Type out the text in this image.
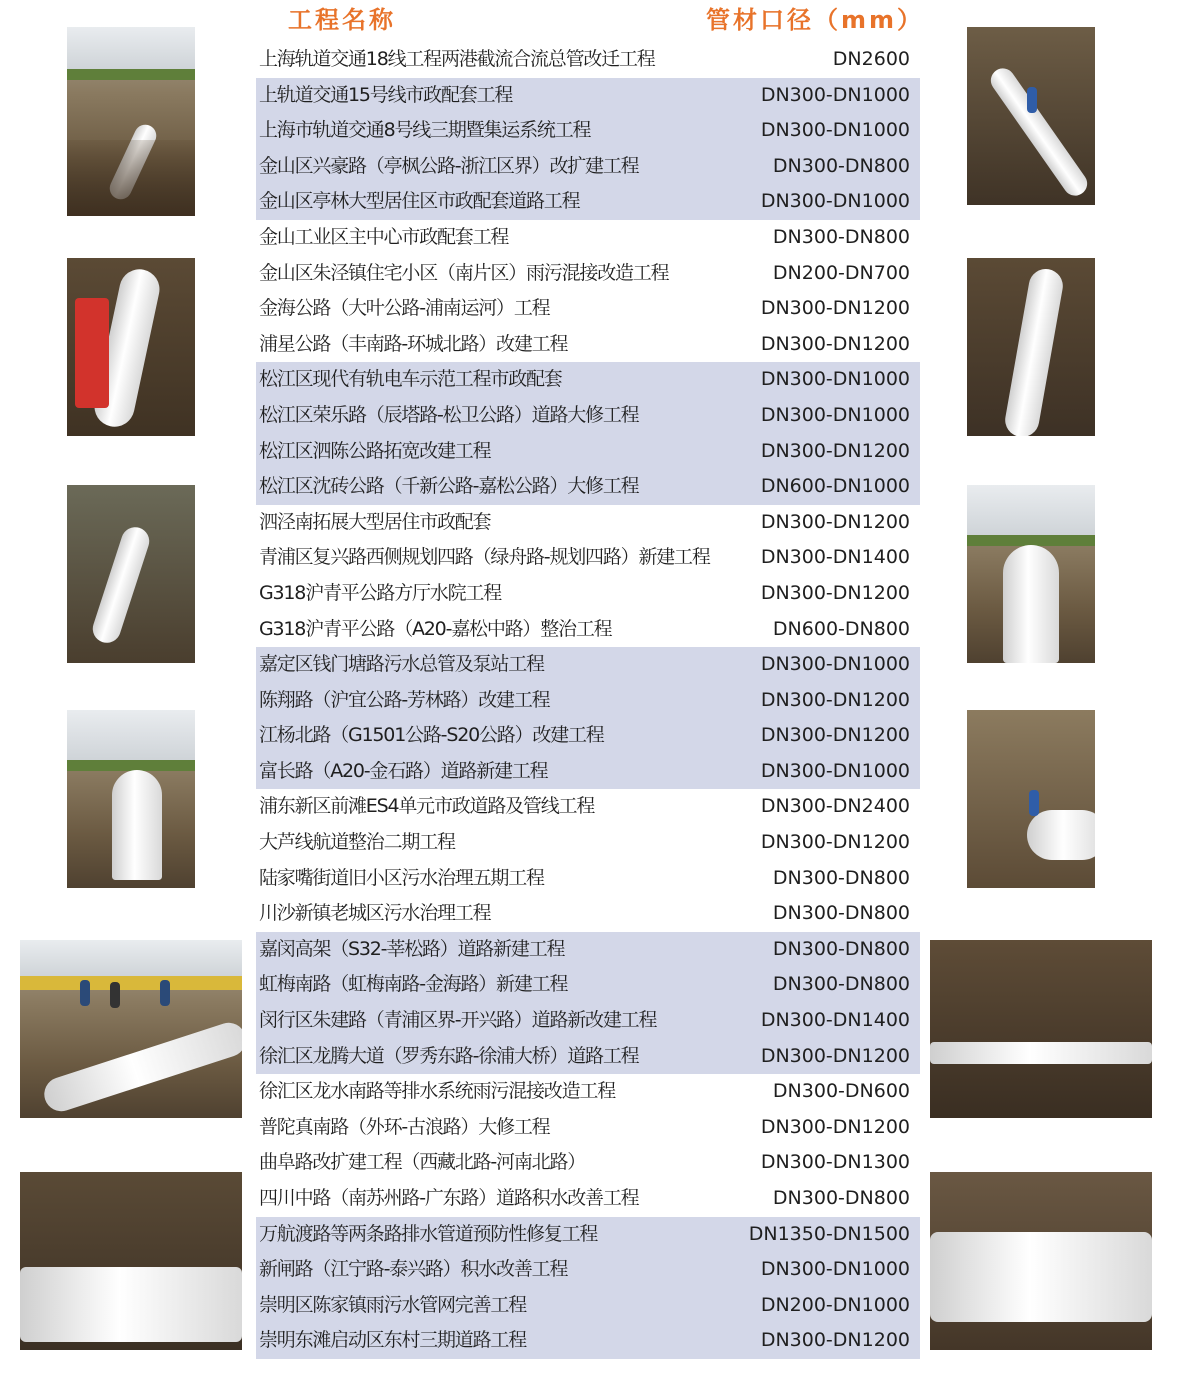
工程名称	管材口径（mm）
上海轨道交通18线工程两港截流合流总管改迁工程	DN2600
上轨道交通15号线市政配套工程	DN300-DN1000
上海市轨道交通8号线三期暨集运系统工程	DN300-DN1000
金山区兴豪路（亭枫公路-浙江区界）改扩建工程	DN300-DN800
金山区亭林大型居住区市政配套道路工程	DN300-DN1000
金山工业区主中心市政配套工程	DN300-DN800
金山区朱泾镇住宅小区（南片区）雨污混接改造工程	DN200-DN700
金海公路（大叶公路-浦南运河）工程	DN300-DN1200
浦星公路（丰南路-环城北路）改建工程	DN300-DN1200
松江区现代有轨电车示范工程市政配套	DN300-DN1000
松江区荣乐路（辰塔路-松卫公路）道路大修工程	DN300-DN1000
松江区泗陈公路拓宽改建工程	DN300-DN1200
松江区沈砖公路（千新公路-嘉松公路）大修工程	DN600-DN1000
泗泾南拓展大型居住市政配套	DN300-DN1200
青浦区复兴路西侧规划四路（绿舟路-规划四路）新建工程	DN300-DN1400
G318沪青平公路方厅水院工程	DN300-DN1200
G318沪青平公路（A20-嘉松中路）整治工程	DN600-DN800
嘉定区钱门塘路污水总管及泵站工程	DN300-DN1000
陈翔路（沪宜公路-芳林路）改建工程	DN300-DN1200
江杨北路（G1501公路-S20公路）改建工程	DN300-DN1200
富长路（A20-金石路）道路新建工程	DN300-DN1000
浦东新区前滩ES4单元市政道路及管线工程	DN300-DN2400
大芦线航道整治二期工程	DN300-DN1200
陆家嘴街道旧小区污水治理五期工程	DN300-DN800
川沙新镇老城区污水治理工程	DN300-DN800
嘉闵高架（S32-莘松路）道路新建工程	DN300-DN800
虹梅南路（虹梅南路-金海路）新建工程	DN300-DN800
闵行区朱建路（青浦区界-开兴路）道路新改建工程	DN300-DN1400
徐汇区龙腾大道（罗秀东路-徐浦大桥）道路工程	DN300-DN1200
徐汇区龙水南路等排水系统雨污混接改造工程	DN300-DN600
普陀真南路（外环-古浪路）大修工程	DN300-DN1200
曲阜路改扩建工程（西藏北路-河南北路）	DN300-DN1300
四川中路（南苏州路-广东路）道路积水改善工程	DN300-DN800
万航渡路等两条路排水管道预防性修复工程	DN1350-DN1500
新闸路（江宁路-泰兴路）积水改善工程	DN300-DN1000
崇明区陈家镇雨污水管网完善工程	DN200-DN1000
崇明东滩启动区东村三期道路工程	DN300-DN1200
